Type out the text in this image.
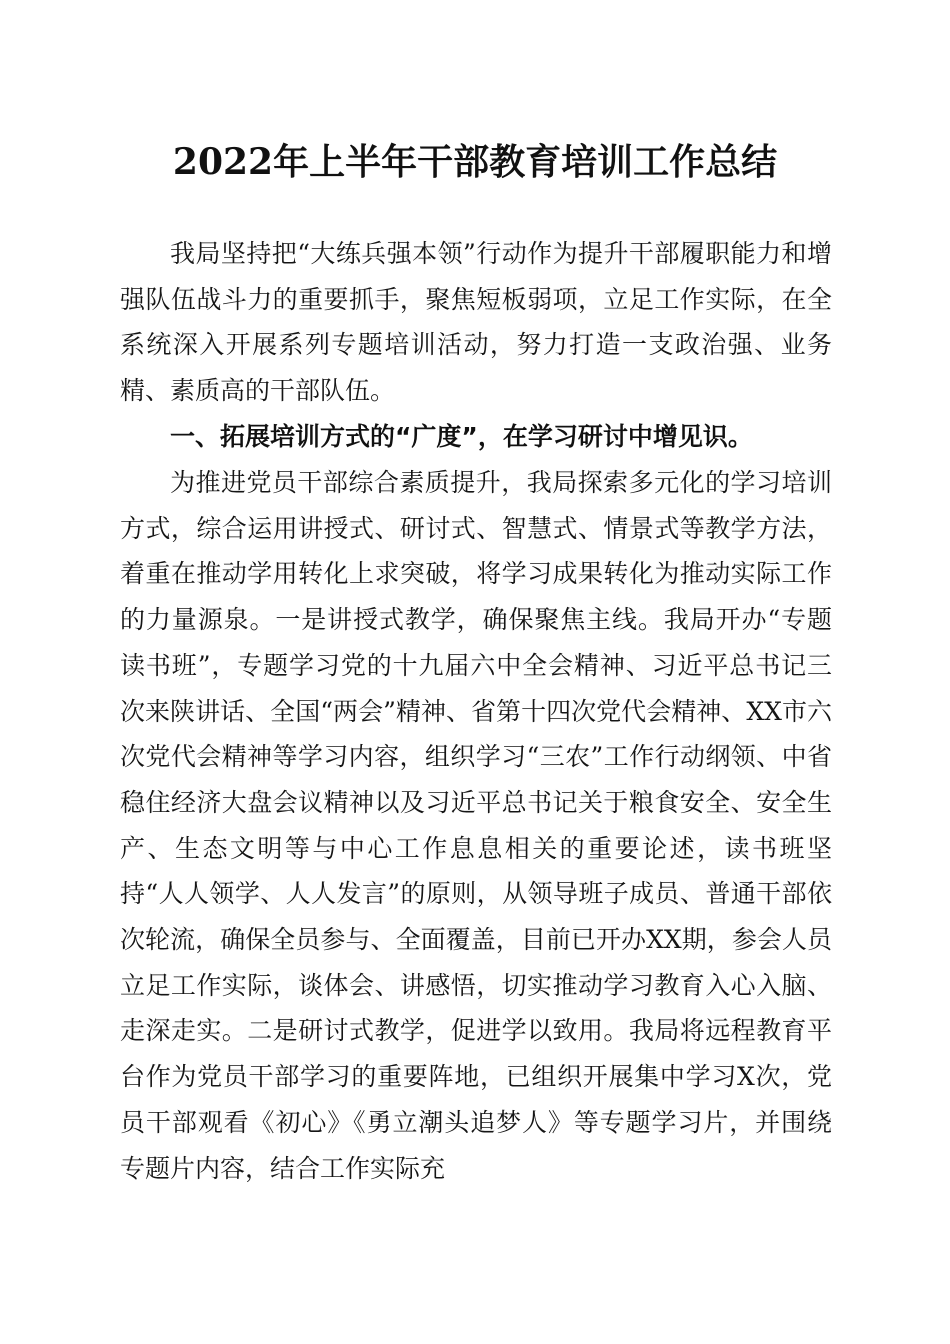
2022年上半年干部教育培训工作总结

我局坚持把“大练兵强本领”行动作为提升干部履职能力和增强队伍战斗力的重要抓手，聚焦短板弱项，立足工作实际，在全系统深入开展系列专题培训活动，努力打造一支政治强、业务精、素质高的干部队伍。

一、拓展培训方式的“广度”，在学习研讨中增见识。

为推进党员干部综合素质提升，我局探索多元化的学习培训方式，综合运用讲授式、研讨式、智慧式、情景式等教学方法，着重在推动学用转化上求突破，将学习成果转化为推动实际工作的力量源泉。一是讲授式教学，确保聚焦主线。我局开办“专题读书班”，专题学习党的十九届六中全会精神、习近平总书记三次来陕讲话、全国“两会”精神、省第十四次党代会精神、XX市六次党代会精神等学习内容，组织学习“三农”工作行动纲领、中省稳住经济大盘会议精神以及习近平总书记关于粮食安全、安全生产、生态文明等与中心工作息息相关的重要论述，读书班坚持“人人领学、人人发言”的原则，从领导班子成员、普通干部依次轮流，确保全员参与、全面覆盖，目前已开办XX期，参会人员立足工作实际，谈体会、讲感悟，切实推动学习教育入心入脑、走深走实。二是研讨式教学，促进学以致用。我局将远程教育平台作为党员干部学习的重要阵地，已组织开展集中学习X次，党员干部观看《初心》《勇立潮头追梦人》等专题学习片，并围绕专题片内容，结合工作实际充
